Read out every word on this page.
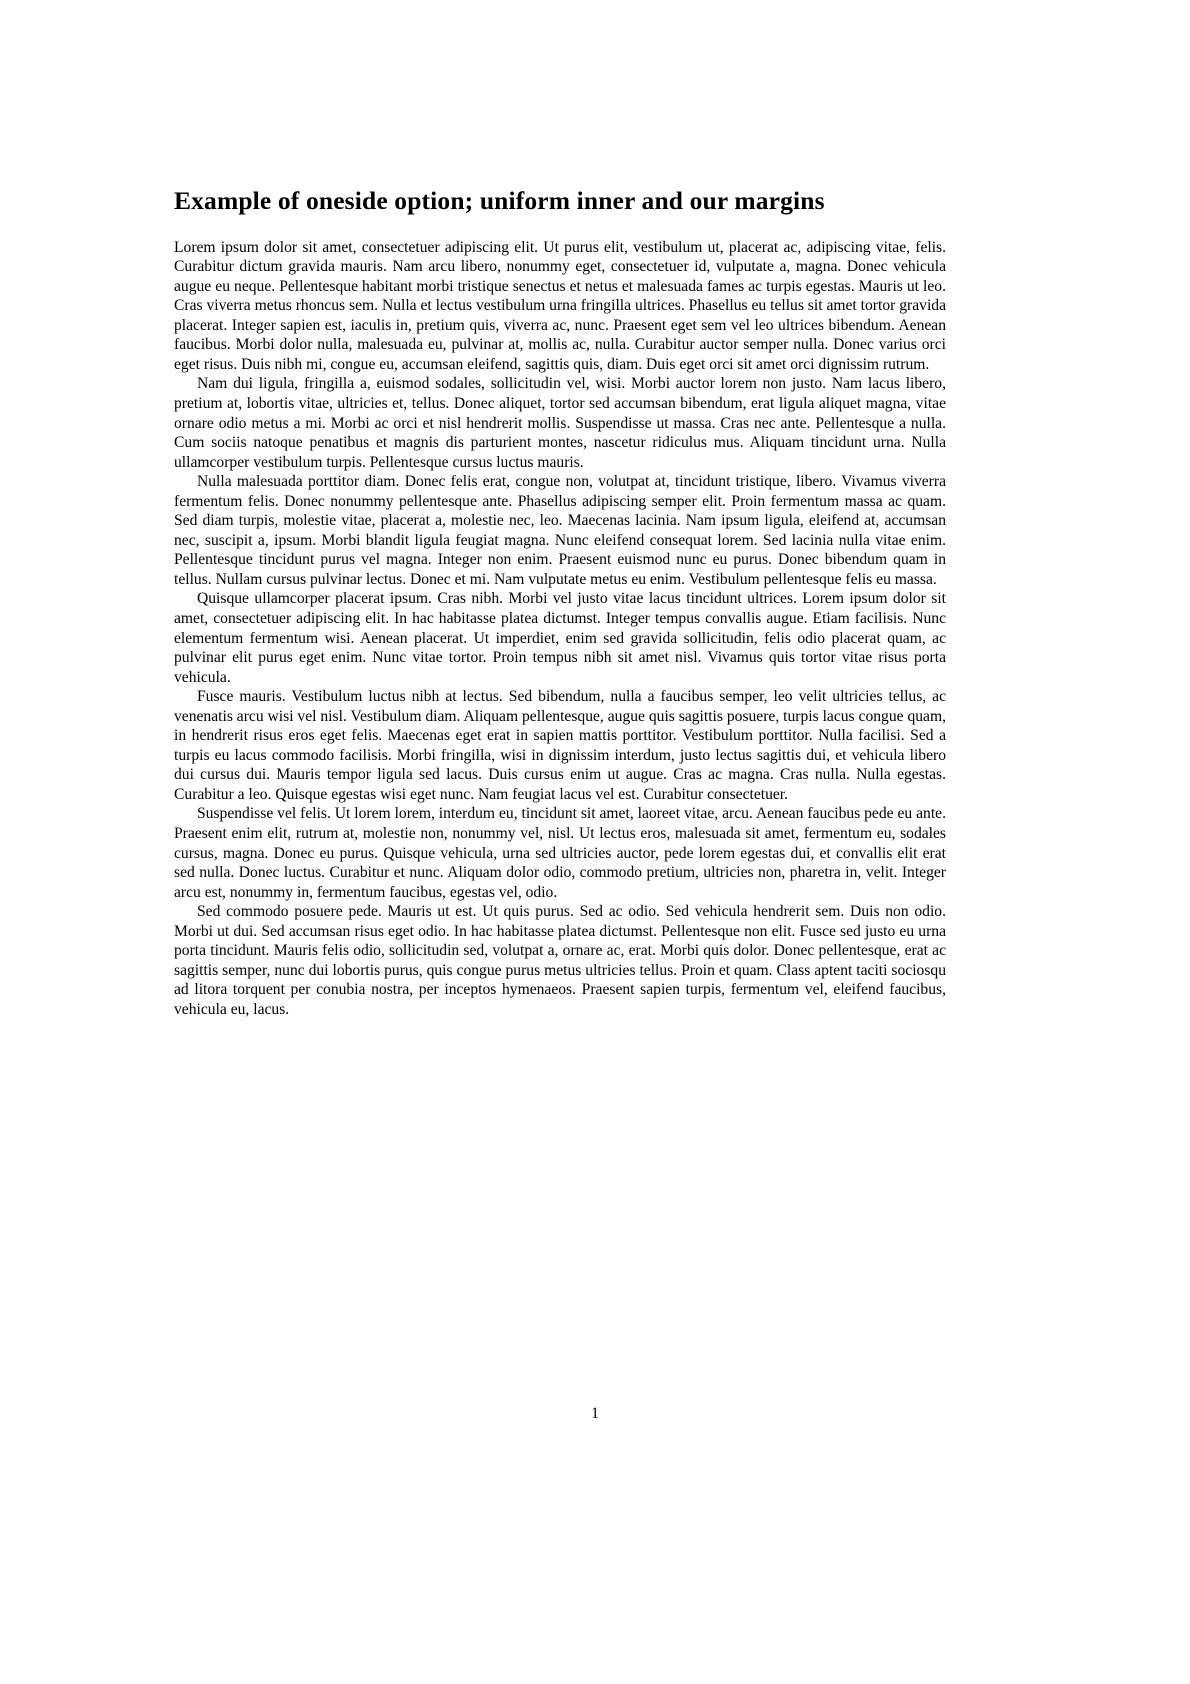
Example of oneside option; uniform inner and our margins

Lorem ipsum dolor sit amet, consectetuer adipiscing elit. Ut purus elit, vestibulum ut, placerat ac, adipiscing vitae, felis. Curabitur dictum gravida mauris. Nam arcu libero, nonummy eget, consectetuer id, vulputate a, magna. Donec vehicula augue eu neque. Pellentesque habitant morbi tristique senectus et netus et malesuada fames ac turpis egestas. Mauris ut leo. Cras viverra metus rhoncus sem. Nulla et lectus vestibulum urna fringilla ultrices. Phasellus eu tellus sit amet tortor gravida placerat. Integer sapien est, iaculis in, pretium quis, viverra ac, nunc. Praesent eget sem vel leo ultrices bibendum. Aenean faucibus. Morbi dolor nulla, malesuada eu, pulvinar at, mollis ac, nulla. Curabitur auctor semper nulla. Donec varius orci eget risus. Duis nibh mi, congue eu, accumsan eleifend, sagittis quis, diam. Duis eget orci sit amet orci dignissim rutrum.

Nam dui ligula, fringilla a, euismod sodales, sollicitudin vel, wisi. Morbi auctor lorem non justo. Nam lacus libero, pretium at, lobortis vitae, ultricies et, tellus. Donec aliquet, tortor sed accumsan bibendum, erat ligula aliquet magna, vitae ornare odio metus a mi. Morbi ac orci et nisl hendrerit mollis. Suspendisse ut massa. Cras nec ante. Pellentesque a nulla. Cum sociis natoque penatibus et magnis dis parturient montes, nascetur ridiculus mus. Aliquam tincidunt urna. Nulla ullamcorper vestibulum turpis. Pellentesque cursus luctus mauris.

Nulla malesuada porttitor diam. Donec felis erat, congue non, volutpat at, tincidunt tristique, libero. Vivamus viverra fermentum felis. Donec nonummy pellentesque ante. Phasellus adipiscing semper elit. Proin fermentum massa ac quam. Sed diam turpis, molestie vitae, placerat a, molestie nec, leo. Maecenas lacinia. Nam ipsum ligula, eleifend at, accumsan nec, suscipit a, ipsum. Morbi blandit ligula feugiat magna. Nunc eleifend consequat lorem. Sed lacinia nulla vitae enim. Pellentesque tincidunt purus vel magna. Integer non enim. Praesent euismod nunc eu purus. Donec bibendum quam in tellus. Nullam cursus pulvinar lectus. Donec et mi. Nam vulputate metus eu enim. Vestibulum pellentesque felis eu massa.

Quisque ullamcorper placerat ipsum. Cras nibh. Morbi vel justo vitae lacus tincidunt ultrices. Lorem ipsum dolor sit amet, consectetuer adipiscing elit. In hac habitasse platea dictumst. Integer tempus convallis augue. Etiam facilisis. Nunc elementum fermentum wisi. Aenean placerat. Ut imperdiet, enim sed gravida sollicitudin, felis odio placerat quam, ac pulvinar elit purus eget enim. Nunc vitae tortor. Proin tempus nibh sit amet nisl. Vivamus quis tortor vitae risus porta vehicula.

Fusce mauris. Vestibulum luctus nibh at lectus. Sed bibendum, nulla a faucibus semper, leo velit ultricies tellus, ac venenatis arcu wisi vel nisl. Vestibulum diam. Aliquam pellentesque, augue quis sagittis posuere, turpis lacus congue quam, in hendrerit risus eros eget felis. Maecenas eget erat in sapien mattis porttitor. Vestibulum porttitor. Nulla facilisi. Sed a turpis eu lacus commodo facilisis. Morbi fringilla, wisi in dignissim interdum, justo lectus sagittis dui, et vehicula libero dui cursus dui. Mauris tempor ligula sed lacus. Duis cursus enim ut augue. Cras ac magna. Cras nulla. Nulla egestas. Curabitur a leo. Quisque egestas wisi eget nunc. Nam feugiat lacus vel est. Curabitur consectetuer.

Suspendisse vel felis. Ut lorem lorem, interdum eu, tincidunt sit amet, laoreet vitae, arcu. Aenean faucibus pede eu ante. Praesent enim elit, rutrum at, molestie non, nonummy vel, nisl. Ut lectus eros, malesuada sit amet, fermentum eu, sodales cursus, magna. Donec eu purus. Quisque vehicula, urna sed ultricies auctor, pede lorem egestas dui, et convallis elit erat sed nulla. Donec luctus. Curabitur et nunc. Aliquam dolor odio, commodo pretium, ultricies non, pharetra in, velit. Integer arcu est, nonummy in, fermentum faucibus, egestas vel, odio.

Sed commodo posuere pede. Mauris ut est. Ut quis purus. Sed ac odio. Sed vehicula hendrerit sem. Duis non odio. Morbi ut dui. Sed accumsan risus eget odio. In hac habitasse platea dictumst. Pellentesque non elit. Fusce sed justo eu urna porta tincidunt. Mauris felis odio, sollicitudin sed, volutpat a, ornare ac, erat. Morbi quis dolor. Donec pellentesque, erat ac sagittis semper, nunc dui lobortis purus, quis congue purus metus ultricies tellus. Proin et quam. Class aptent taciti sociosqu ad litora torquent per conubia nostra, per inceptos hymenaeos. Praesent sapien turpis, fermentum vel, eleifend faucibus, vehicula eu, lacus.

1
